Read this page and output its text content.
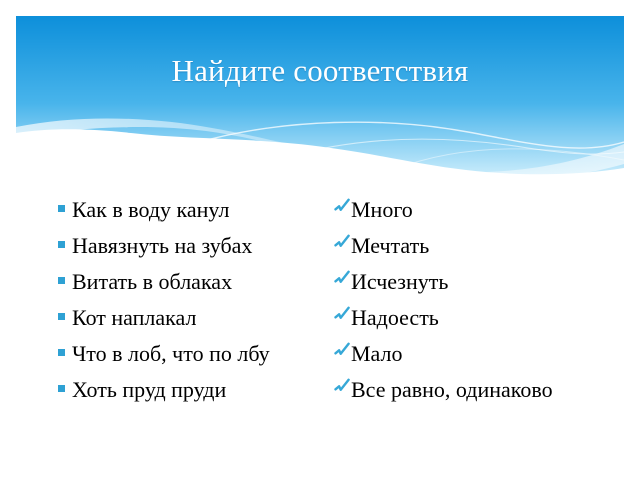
Найдите соответствия
Как в воду канул
Навязнуть на зубах
Витать в облаках
Кот наплакал
Что в лоб, что по лбу
Хоть пруд пруди
Много
Мечтать
Исчезнуть
Надоесть
Мало
Все равно, одинаково
